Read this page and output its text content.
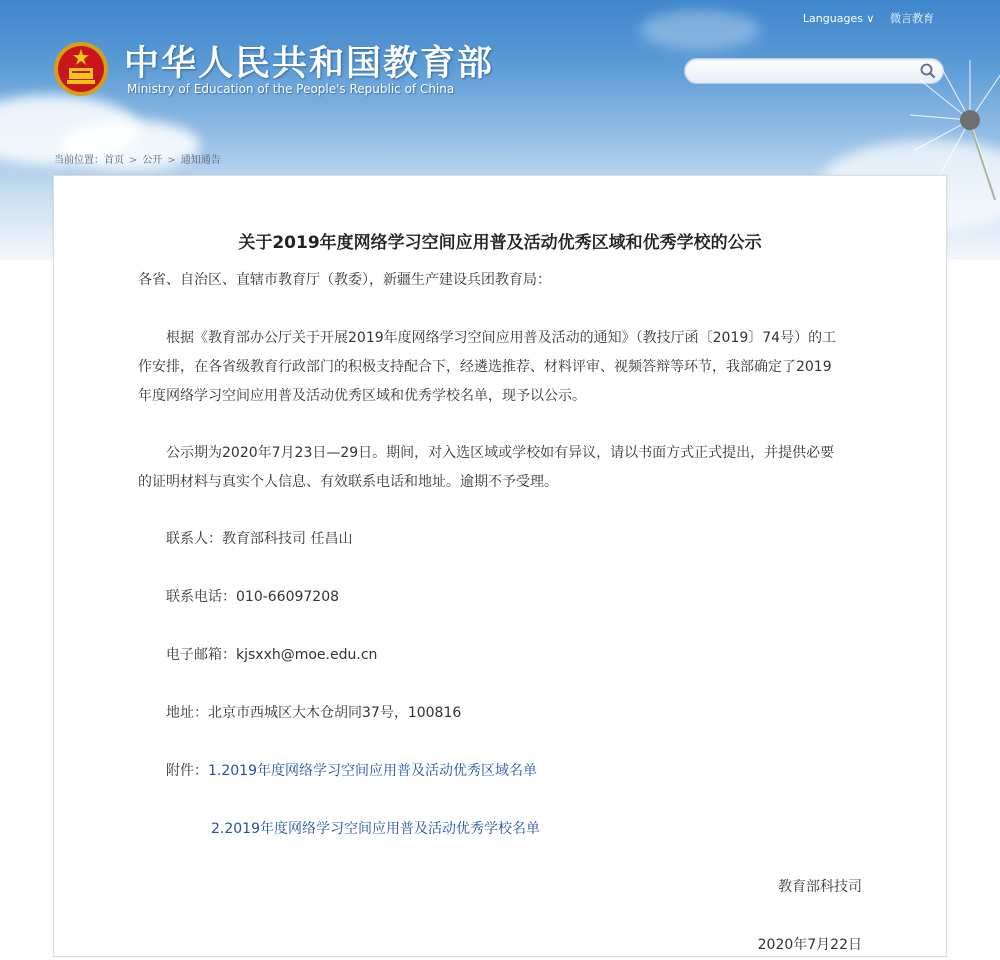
中华人民共和国教育部
Ministry of Education of the People's Republic of China
Languages ∨ 微言教育
当前位置：首页 > 公开 > 通知通告
关于2019年度网络学习空间应用普及活动优秀区域和优秀学校的公示
各省、自治区、直辖市教育厅（教委），新疆生产建设兵团教育局：
根据《教育部办公厅关于开展2019年度网络学习空间应用普及活动的通知》（教技厅函〔2019〕74号）的工
作安排，在各省级教育行政部门的积极支持配合下，经遴选推荐、材料评审、视频答辩等环节，我部确定了2019
年度网络学习空间应用普及活动优秀区域和优秀学校名单，现予以公示。
公示期为2020年7月23日—29日。期间，对入选区域或学校如有异议，请以书面方式正式提出，并提供必要
的证明材料与真实个人信息、有效联系电话和地址。逾期不予受理。
联系人：教育部科技司 任昌山
联系电话：010-66097208
电子邮箱：kjsxxh@moe.edu.cn
地址：北京市西城区大木仓胡同37号，100816
附件：1.2019年度网络学习空间应用普及活动优秀区域名单
2.2019年度网络学习空间应用普及活动优秀学校名单
教育部科技司
2020年7月22日
